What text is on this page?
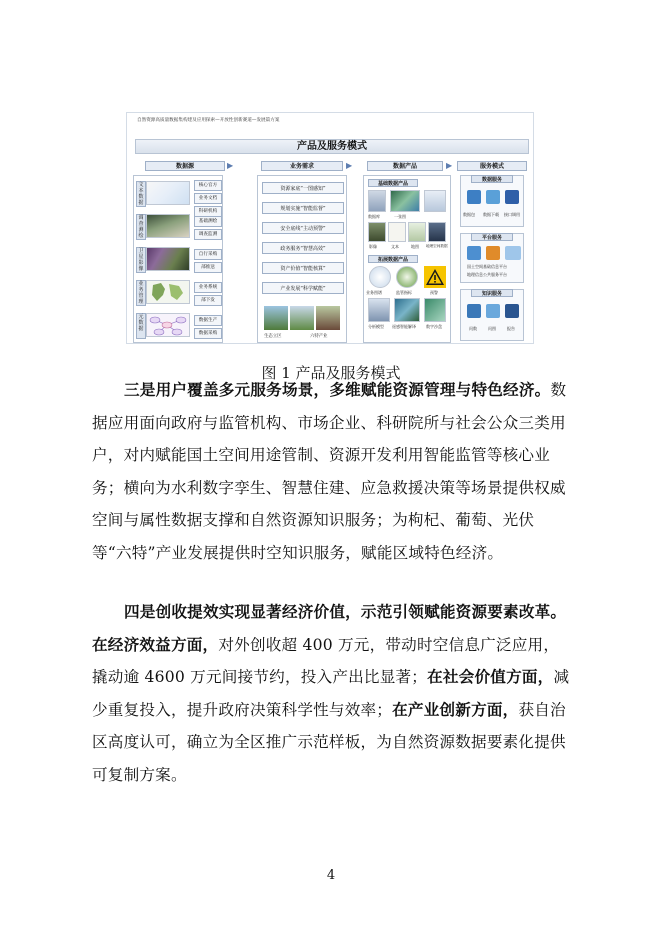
自然资源高质量数据集构建及应用探索—开放性创新赛道—发展篇方案
产品及服务模式
数据源	▶	业务需求	▶	数据产品	▶	服务模式
文本数据
核心官方
业务文档
科研机构
调查测绘
基础测绘
调查监测
卫星影像
自行采购
部推送
业务管理
业务系统
部下发
元数据
数据生产
数据采购
资源家底“一图感知”
规划实施“智能监督”
安全底线“主动预警”
政务服务“智慧高效”
资产价值“智能核算”
产业发展“科学赋能”
生态立区	六特产业
基础数据产品
数据库	一张图
影像	文本	地图 地理空间数据
拓展数据产品
业务图谱	监管指标	预警
分析模型 遥感智能解译	数字沙盘
数据服务
数据包 数据下载 接口调用
平台服务
国土空间基础信息平台
地理信息公共服务平台
知识服务
问数	问图	报告
图 1 产品及服务模式

三是用户覆盖多元服务场景，多维赋能资源管理与特色经济。数据应用面向政府与监管机构、市场企业、科研院所与社会公众三类用户，对内赋能国土空间用途管制、资源开发利用智能监管等核心业务；横向为水利数字孪生、智慧住建、应急救援决策等场景提供权威空间与属性数据支撑和自然资源知识服务；为枸杞、葡萄、光伏等“六特”产业发展提供时空知识服务，赋能区域特色经济。

四是创收提效实现显著经济价值，示范引领赋能资源要素改革。在经济效益方面，对外创收超 400 万元，带动时空信息广泛应用，撬动逾 4600 万元间接节约，投入产出比显著；在社会价值方面，减少重复投入，提升政府决策科学性与效率；在产业创新方面，获自治区高度认可，确立为全区推广示范样板，为自然资源数据要素化提供可复制方案。

4
